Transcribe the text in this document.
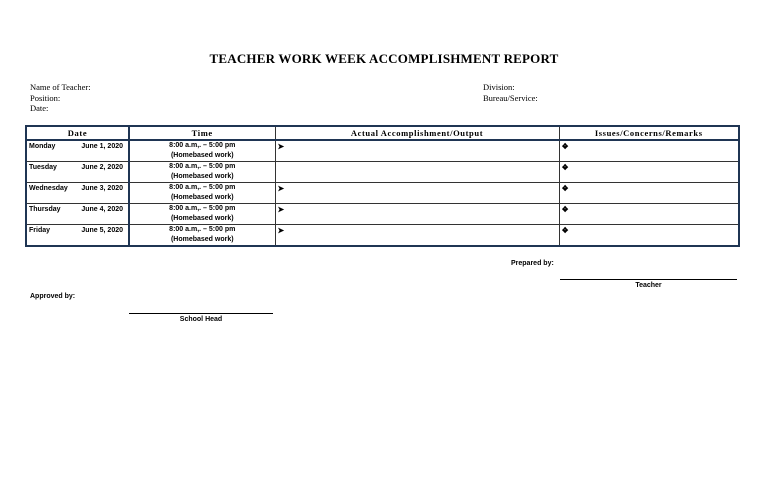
TEACHER WORK WEEK ACCOMPLISHMENT REPORT
Name of Teacher:
Position:
Date:
Division:
Bureau/Service:
Date	Time	Actual Accomplishment/Output	Issues/Concerns/Remarks

Monday June 1, 2020	8:00 a.m,. – 5:00 pm
(Homebased work)	➤	❖

Tuesday June 2, 2020	8:00 a.m,. – 5:00 pm
(Homebased work)		❖

Wednesday June 3, 2020	8:00 a.m,. – 5:00 pm
(Homebased work)	➤	❖

Thursday June 4, 2020	8:00 a.m,. – 5:00 pm
(Homebased work)	➤	❖

Friday June 5, 2020	8:00 a.m,. – 5:00 pm
(Homebased work)	➤	❖
Prepared by:
Teacher
Approved by:
School Head
